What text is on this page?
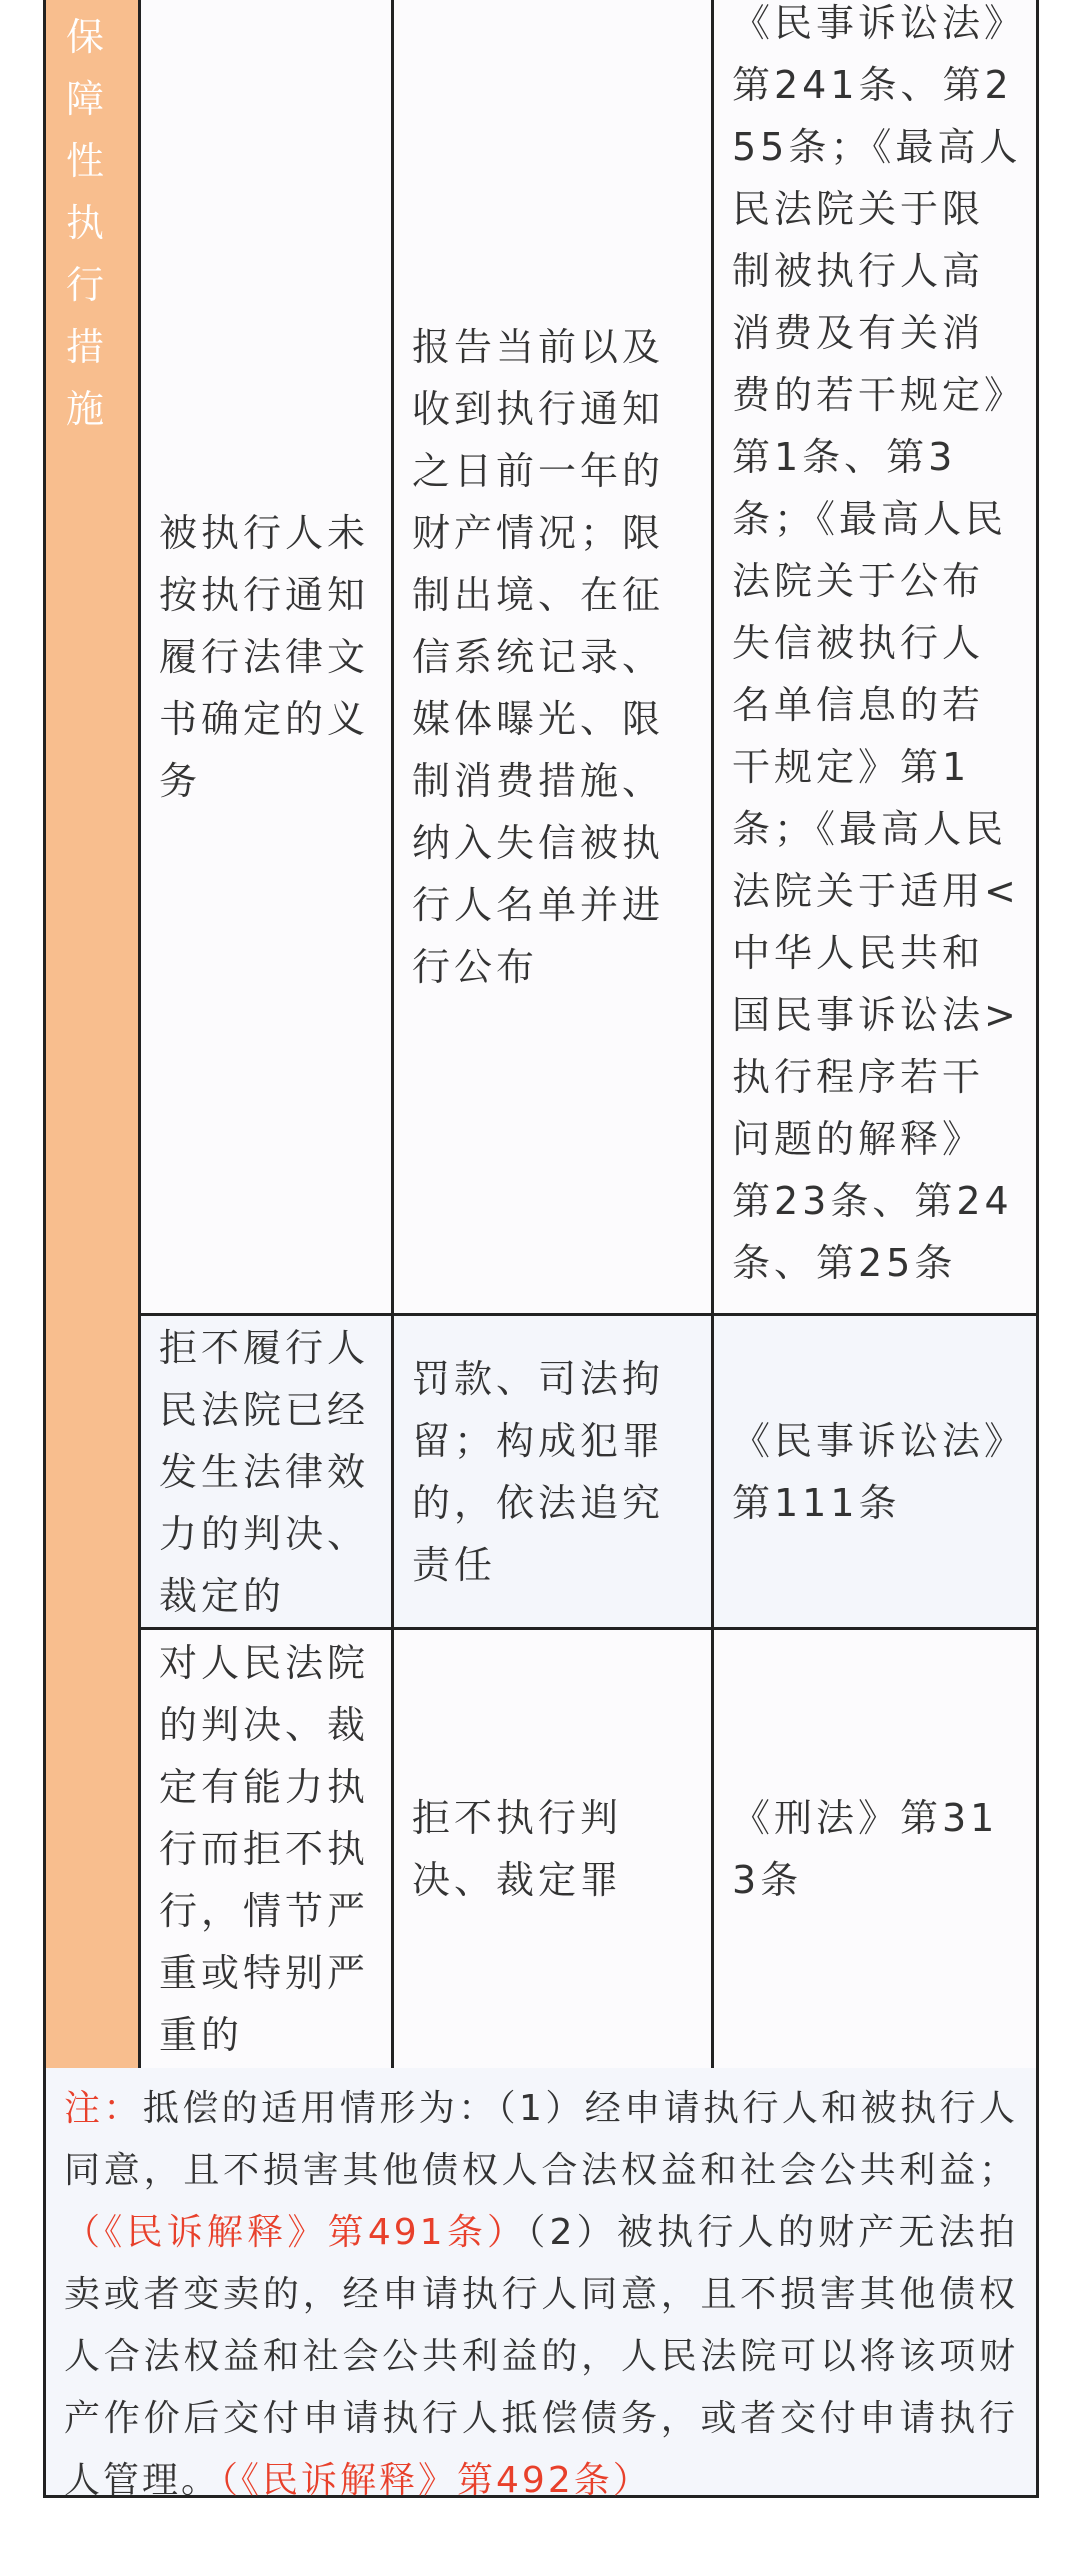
保障性执行措施
被执行人未按执行通知履行法律文书确定的义务
报告当前以及收到执行通知之日前一年的财产情况；限制出境、在征信系统记录、媒体曝光、限制消费措施、纳入失信被执行人名单并进行公布
《民事诉讼法》第241条、第255条；《最高人民法院关于限制被执行人高消费及有关消费的若干规定》第1条、第3条；《最高人民法院关于公布失信被执行人名单信息的若干规定》第1条；《最高人民法院关于适用<中华人民共和国民事诉讼法>执行程序若干问题的解释》第23条、第24条、第25条
拒不履行人民法院已经发生法律效力的判决、裁定的
罚款、司法拘留；构成犯罪的，依法追究责任
《民事诉讼法》第111条
对人民法院的判决、裁定有能力执行而拒不执行，情节严重或特别严重的
拒不执行判决、裁定罪
《刑法》第313条
注：抵偿的适用情形为：（1）经申请执行人和被执行人同意，且不损害其他债权人合法权益和社会公共利益；（《民诉解释》第491条）（2）被执行人的财产无法拍卖或者变卖的，经申请执行人同意，且不损害其他债权人合法权益和社会公共利益的，人民法院可以将该项财产作价后交付申请执行人抵偿债务，或者交付申请执行人管理。（《民诉解释》第492条）
